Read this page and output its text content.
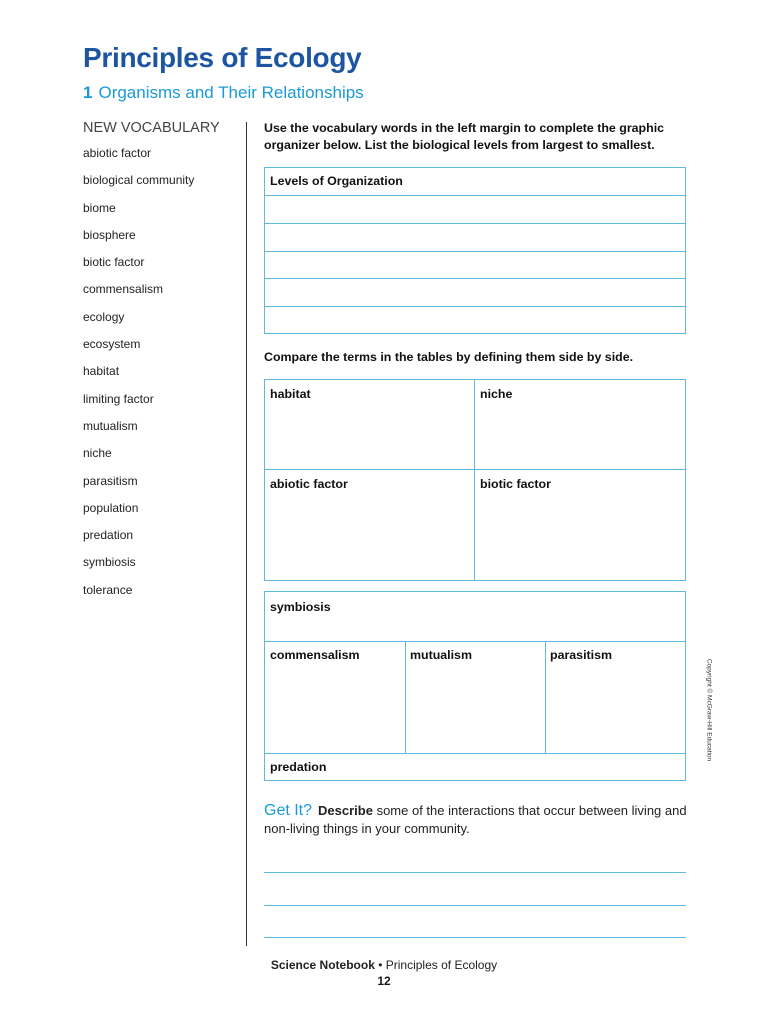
Principles of Ecology
1 Organisms and Their Relationships
NEW VOCABULARY
abiotic factor
biological community
biome
biosphere
biotic factor
commensalism
ecology
ecosystem
habitat
limiting factor
mutualism
niche
parasitism
population
predation
symbiosis
tolerance
Use the vocabulary words in the left margin to complete the graphic organizer below. List the biological levels from largest to smallest.
Levels of Organization
Compare the terms in the tables by defining them side by side.
habitat	niche
abiotic factor	biotic factor
symbiosis
commensalism	mutualism	parasitism
predation
Get It? Describe some of the interactions that occur between living and non-living things in your community.
Copyright © McGraw-Hill Education
Science Notebook • Principles of Ecology
12
